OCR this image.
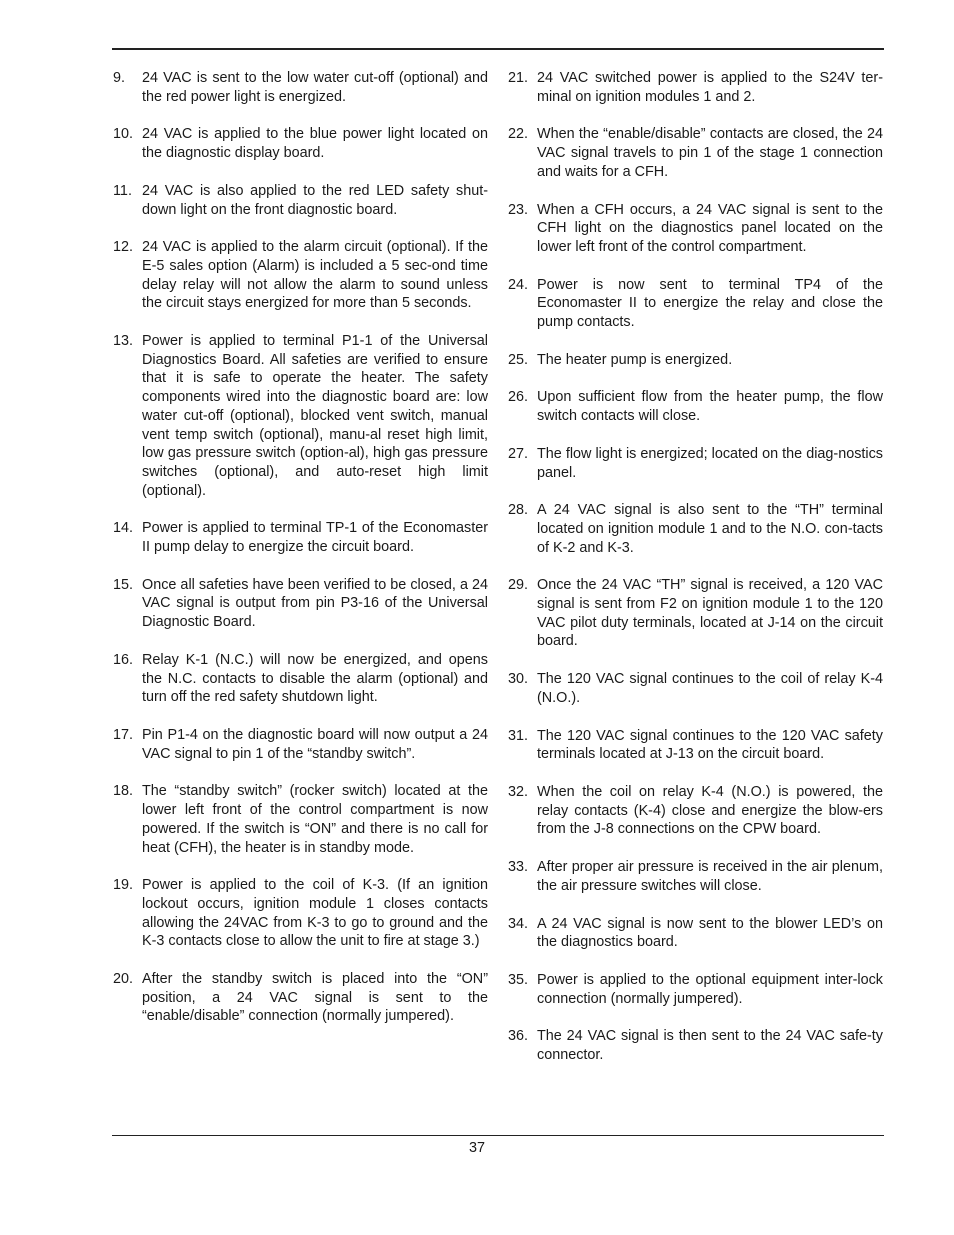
9. 24 VAC is sent to the low water cut-off (optional) and the red power light is energized.

10. 24 VAC is applied to the blue power light located on the diagnostic display board.

11. 24 VAC is also applied to the red LED safety shut-down light on the front diagnostic board.

12. 24 VAC is applied to the alarm circuit (optional). If the E-5 sales option (Alarm) is included a 5 sec-ond time delay relay will not allow the alarm to sound unless the circuit stays energized for more than 5 seconds.

13. Power is applied to terminal P1-1 of the Universal Diagnostics Board. All safeties are verified to ensure that it is safe to operate the heater. The safety components wired into the diagnostic board are: low water cut-off (optional), blocked vent switch, manual vent temp switch (optional), manu-al reset high limit, low gas pressure switch (option-al), high gas pressure switches (optional), and auto-reset high limit (optional).

14. Power is applied to terminal TP-1 of the Economaster II pump delay to energize the circuit board.

15. Once all safeties have been verified to be closed, a 24 VAC signal is output from pin P3-16 of the Universal Diagnostic Board.

16. Relay K-1 (N.C.) will now be energized, and opens the N.C. contacts to disable the alarm (optional) and turn off the red safety shutdown light.

17. Pin P1-4 on the diagnostic board will now output a 24 VAC signal to pin 1 of the “standby switch”.

18. The “standby switch” (rocker switch) located at the lower left front of the control compartment is now powered. If the switch is “ON” and there is no call for heat (CFH), the heater is in standby mode.

19. Power is applied to the coil of K-3. (If an ignition lockout occurs, ignition module 1 closes contacts allowing the 24VAC from K-3 to go to ground and the K-3 contacts close to allow the unit to fire at stage 3.)

20. After the standby switch is placed into the “ON” position, a 24 VAC signal is sent to the “enable/disable” connection (normally jumpered).

21. 24 VAC switched power is applied to the S24V ter-minal on ignition modules 1 and 2.

22. When the “enable/disable” contacts are closed, the 24 VAC signal travels to pin 1 of the stage 1 connection and waits for a CFH.

23. When a CFH occurs, a 24 VAC signal is sent to the CFH light on the diagnostics panel located on the lower left front of the control compartment.

24. Power is now sent to terminal TP4 of the Economaster II to energize the relay and close the pump contacts.

25. The heater pump is energized.

26. Upon sufficient flow from the heater pump, the flow switch contacts will close.

27. The flow light is energized; located on the diag-nostics panel.

28. A 24 VAC signal is also sent to the “TH” terminal located on ignition module 1 and to the N.O. con-tacts of K-2 and K-3.

29. Once the 24 VAC “TH” signal is received, a 120 VAC signal is sent from F2 on ignition module 1 to the 120 VAC pilot duty terminals, located at J-14 on the circuit board.

30. The 120 VAC signal continues to the coil of relay K-4 (N.O.).

31. The 120 VAC signal continues to the 120 VAC safety terminals located at J-13 on the circuit board.

32. When the coil on relay K-4 (N.O.) is powered, the relay contacts (K-4) close and energize the blow-ers from the J-8 connections on the CPW board.

33. After proper air pressure is received in the air plenum, the air pressure switches will close.

34. A 24 VAC signal is now sent to the blower LED’s on the diagnostics board.

35. Power is applied to the optional equipment inter-lock connection (normally jumpered).

36. The 24 VAC signal is then sent to the 24 VAC safe-ty connector.

37
